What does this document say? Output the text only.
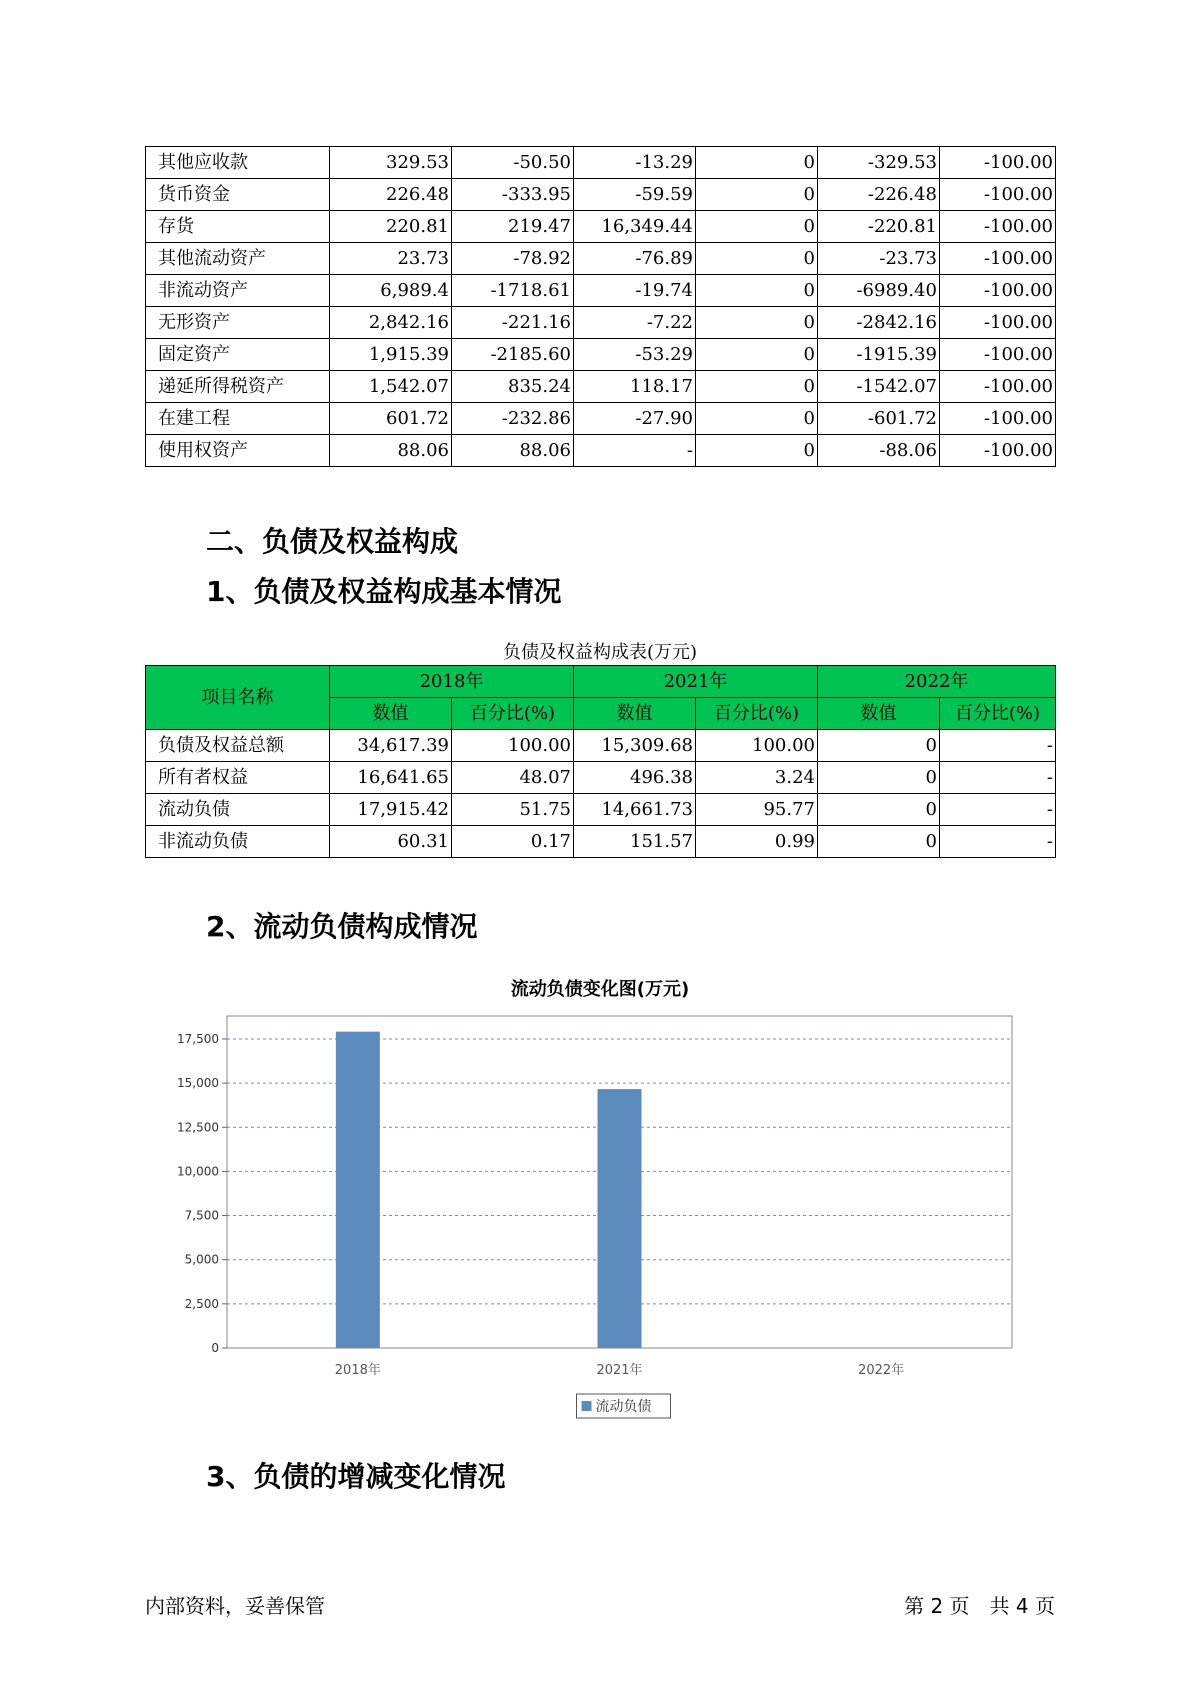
其他应收款	329.53	-50.50	-13.29	0	-329.53	-100.00
货币资金	226.48	-333.95	-59.59	0	-226.48	-100.00
存货	220.81	219.47	16,349.44	0	-220.81	-100.00
其他流动资产	23.73	-78.92	-76.89	0	-23.73	-100.00
非流动资产	6,989.4	-1718.61	-19.74	0	-6989.40	-100.00
无形资产	2,842.16	-221.16	-7.22	0	-2842.16	-100.00
固定资产	1,915.39	-2185.60	-53.29	0	-1915.39	-100.00
递延所得税资产	1,542.07	835.24	118.17	0	-1542.07	-100.00
在建工程	601.72	-232.86	-27.90	0	-601.72	-100.00
使用权资产	88.06	88.06	-	0	-88.06	-100.00
二、负债及权益构成
1、负债及权益构成基本情况
负债及权益构成表(万元)
项目名称	2018年		2021年		2022年	
	数值	百分比(%)	数值	百分比(%)	数值	百分比(%)
负债及权益总额	34,617.39	100.00	15,309.68	100.00	0	-
所有者权益	16,641.65	48.07	496.38	3.24	0	-
流动负债	17,915.42	51.75	14,661.73	95.77	0	-
非流动负债	60.31	0.17	151.57	0.99	0	-
2、流动负债构成情况
流动负债变化图(万元)
0
2,500
5,000
7,500
10,000
12,500
15,000
17,500
2018年	2021年	2022年
流动负债
3、负债的增减变化情况
内部资料，妥善保管	第 2 页　共 4 页
